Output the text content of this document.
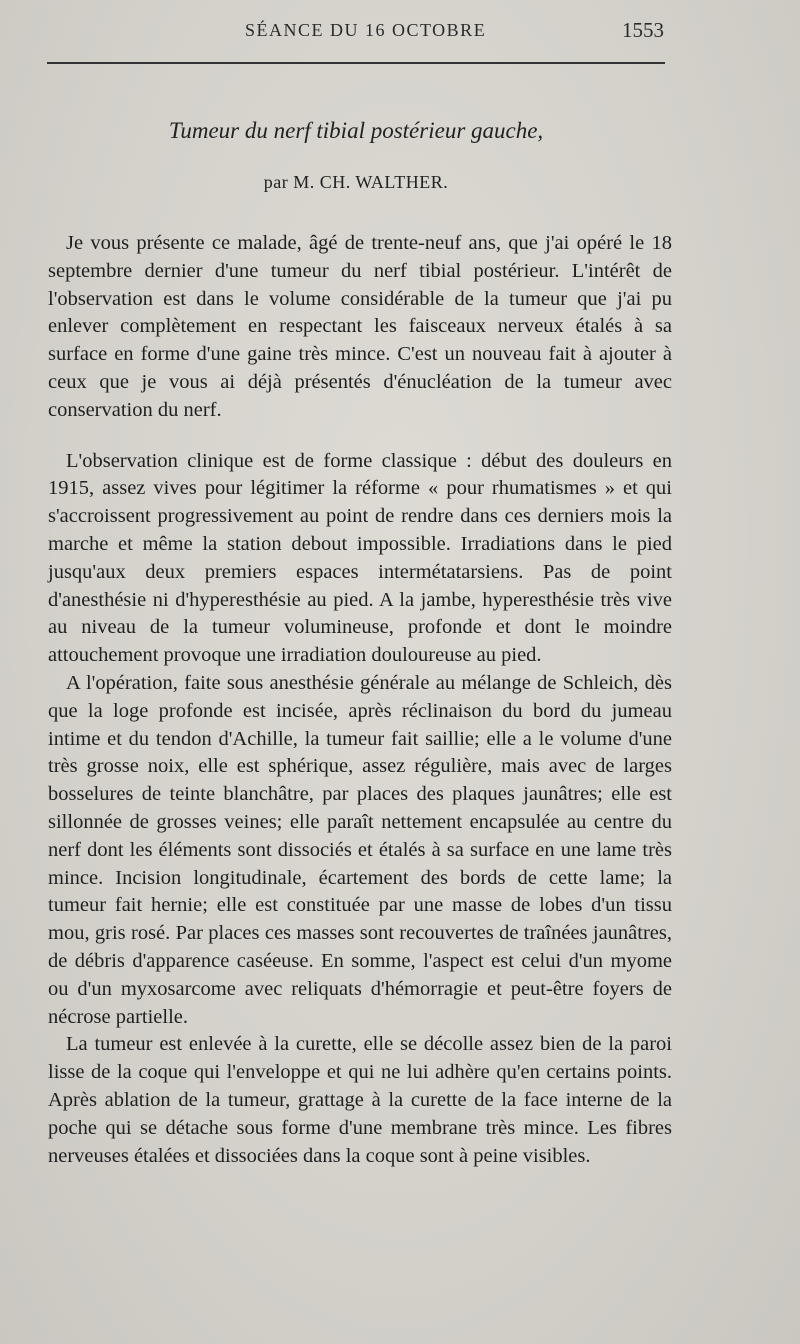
SÉANCE DU 16 OCTOBRE	1553
Tumeur du nerf tibial postérieur gauche,
par M. CH. WALTHER.

Je vous présente ce malade, âgé de trente-neuf ans, que j'ai opéré le 18 septembre dernier d'une tumeur du nerf tibial postérieur. L'intérêt de l'observation est dans le volume considérable de la tumeur que j'ai pu enlever complètement en respectant les faisceaux nerveux étalés à sa surface en forme d'une gaine très mince. C'est un nouveau fait à ajouter à ceux que je vous ai déjà présentés d'énucléation de la tumeur avec conservation du nerf.

L'observation clinique est de forme classique : début des douleurs en 1915, assez vives pour légitimer la réforme « pour rhumatismes » et qui s'accroissent progressivement au point de rendre dans ces derniers mois la marche et même la station debout impossible. Irradiations dans le pied jusqu'aux deux premiers espaces intermétatarsiens. Pas de point d'anesthésie ni d'hyperesthésie au pied. A la jambe, hyperesthésie très vive au niveau de la tumeur volumineuse, profonde et dont le moindre attouchement provoque une irradiation douloureuse au pied.

A l'opération, faite sous anesthésie générale au mélange de Schleich, dès que la loge profonde est incisée, après réclinaison du bord du jumeau intime et du tendon d'Achille, la tumeur fait saillie; elle a le volume d'une très grosse noix, elle est sphérique, assez régulière, mais avec de larges bosselures de teinte blanchâtre, par places des plaques jaunâtres; elle est sillonnée de grosses veines; elle paraît nettement encapsulée au centre du nerf dont les éléments sont dissociés et étalés à sa surface en une lame très mince. Incision longitudinale, écartement des bords de cette lame; la tumeur fait hernie; elle est constituée par une masse de lobes d'un tissu mou, gris rosé. Par places ces masses sont recouvertes de traînées jaunâtres, de débris d'apparence caséeuse. En somme, l'aspect est celui d'un myome ou d'un myxosarcome avec reliquats d'hémorragie et peut-être foyers de nécrose partielle.

La tumeur est enlevée à la curette, elle se décolle assez bien de la paroi lisse de la coque qui l'enveloppe et qui ne lui adhère qu'en certains points. Après ablation de la tumeur, grattage à la curette de la face interne de la poche qui se détache sous forme d'une membrane très mince. Les fibres nerveuses étalées et dissociées dans la coque sont à peine visibles.
